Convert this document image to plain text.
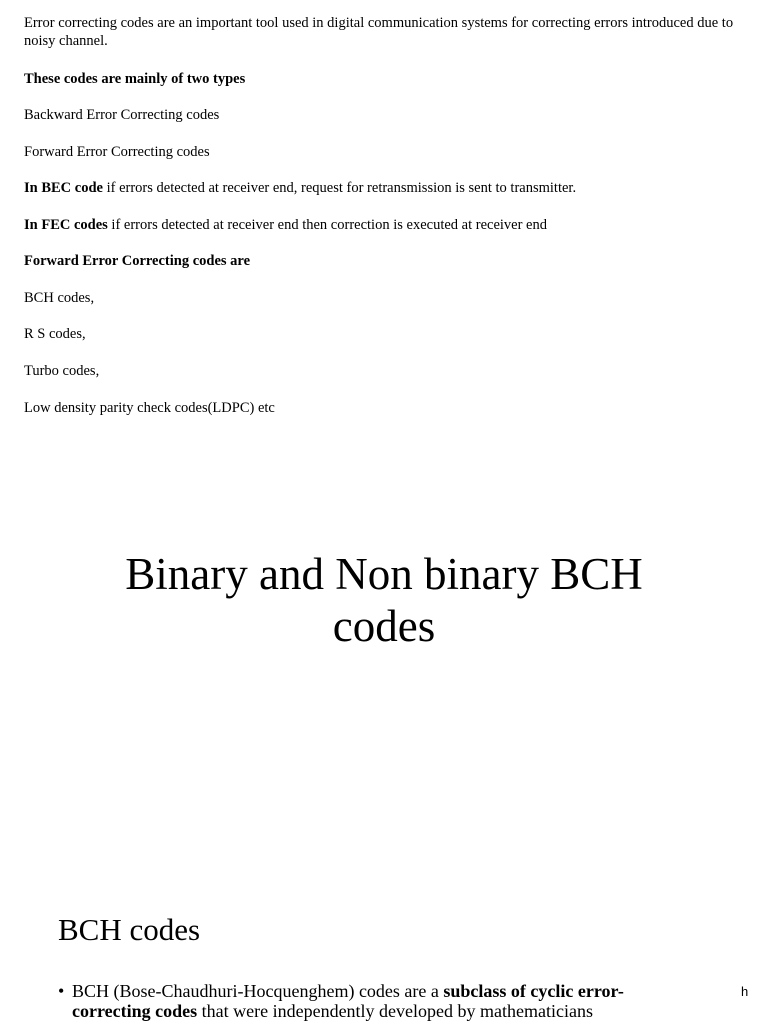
Error correcting codes are an important tool used in digital communication systems for correcting errors introduced due to noisy channel.

These codes are mainly of two types

Backward Error Correcting codes

Forward Error Correcting codes

In BEC code if errors detected at receiver end, request for retransmission is sent to transmitter.

In FEC codes if errors detected at receiver end then correction is executed at receiver end

Forward Error Correcting codes are

BCH codes,

R S codes,

Turbo codes,

Low density parity check codes(LDPC) etc

Binary and Non binary BCH
codes
BCH codes
• BCH (Bose-Chaudhuri-Hocquenghem) codes are a subclass of cyclic error-correcting codes that were independently developed by mathematicians
h
